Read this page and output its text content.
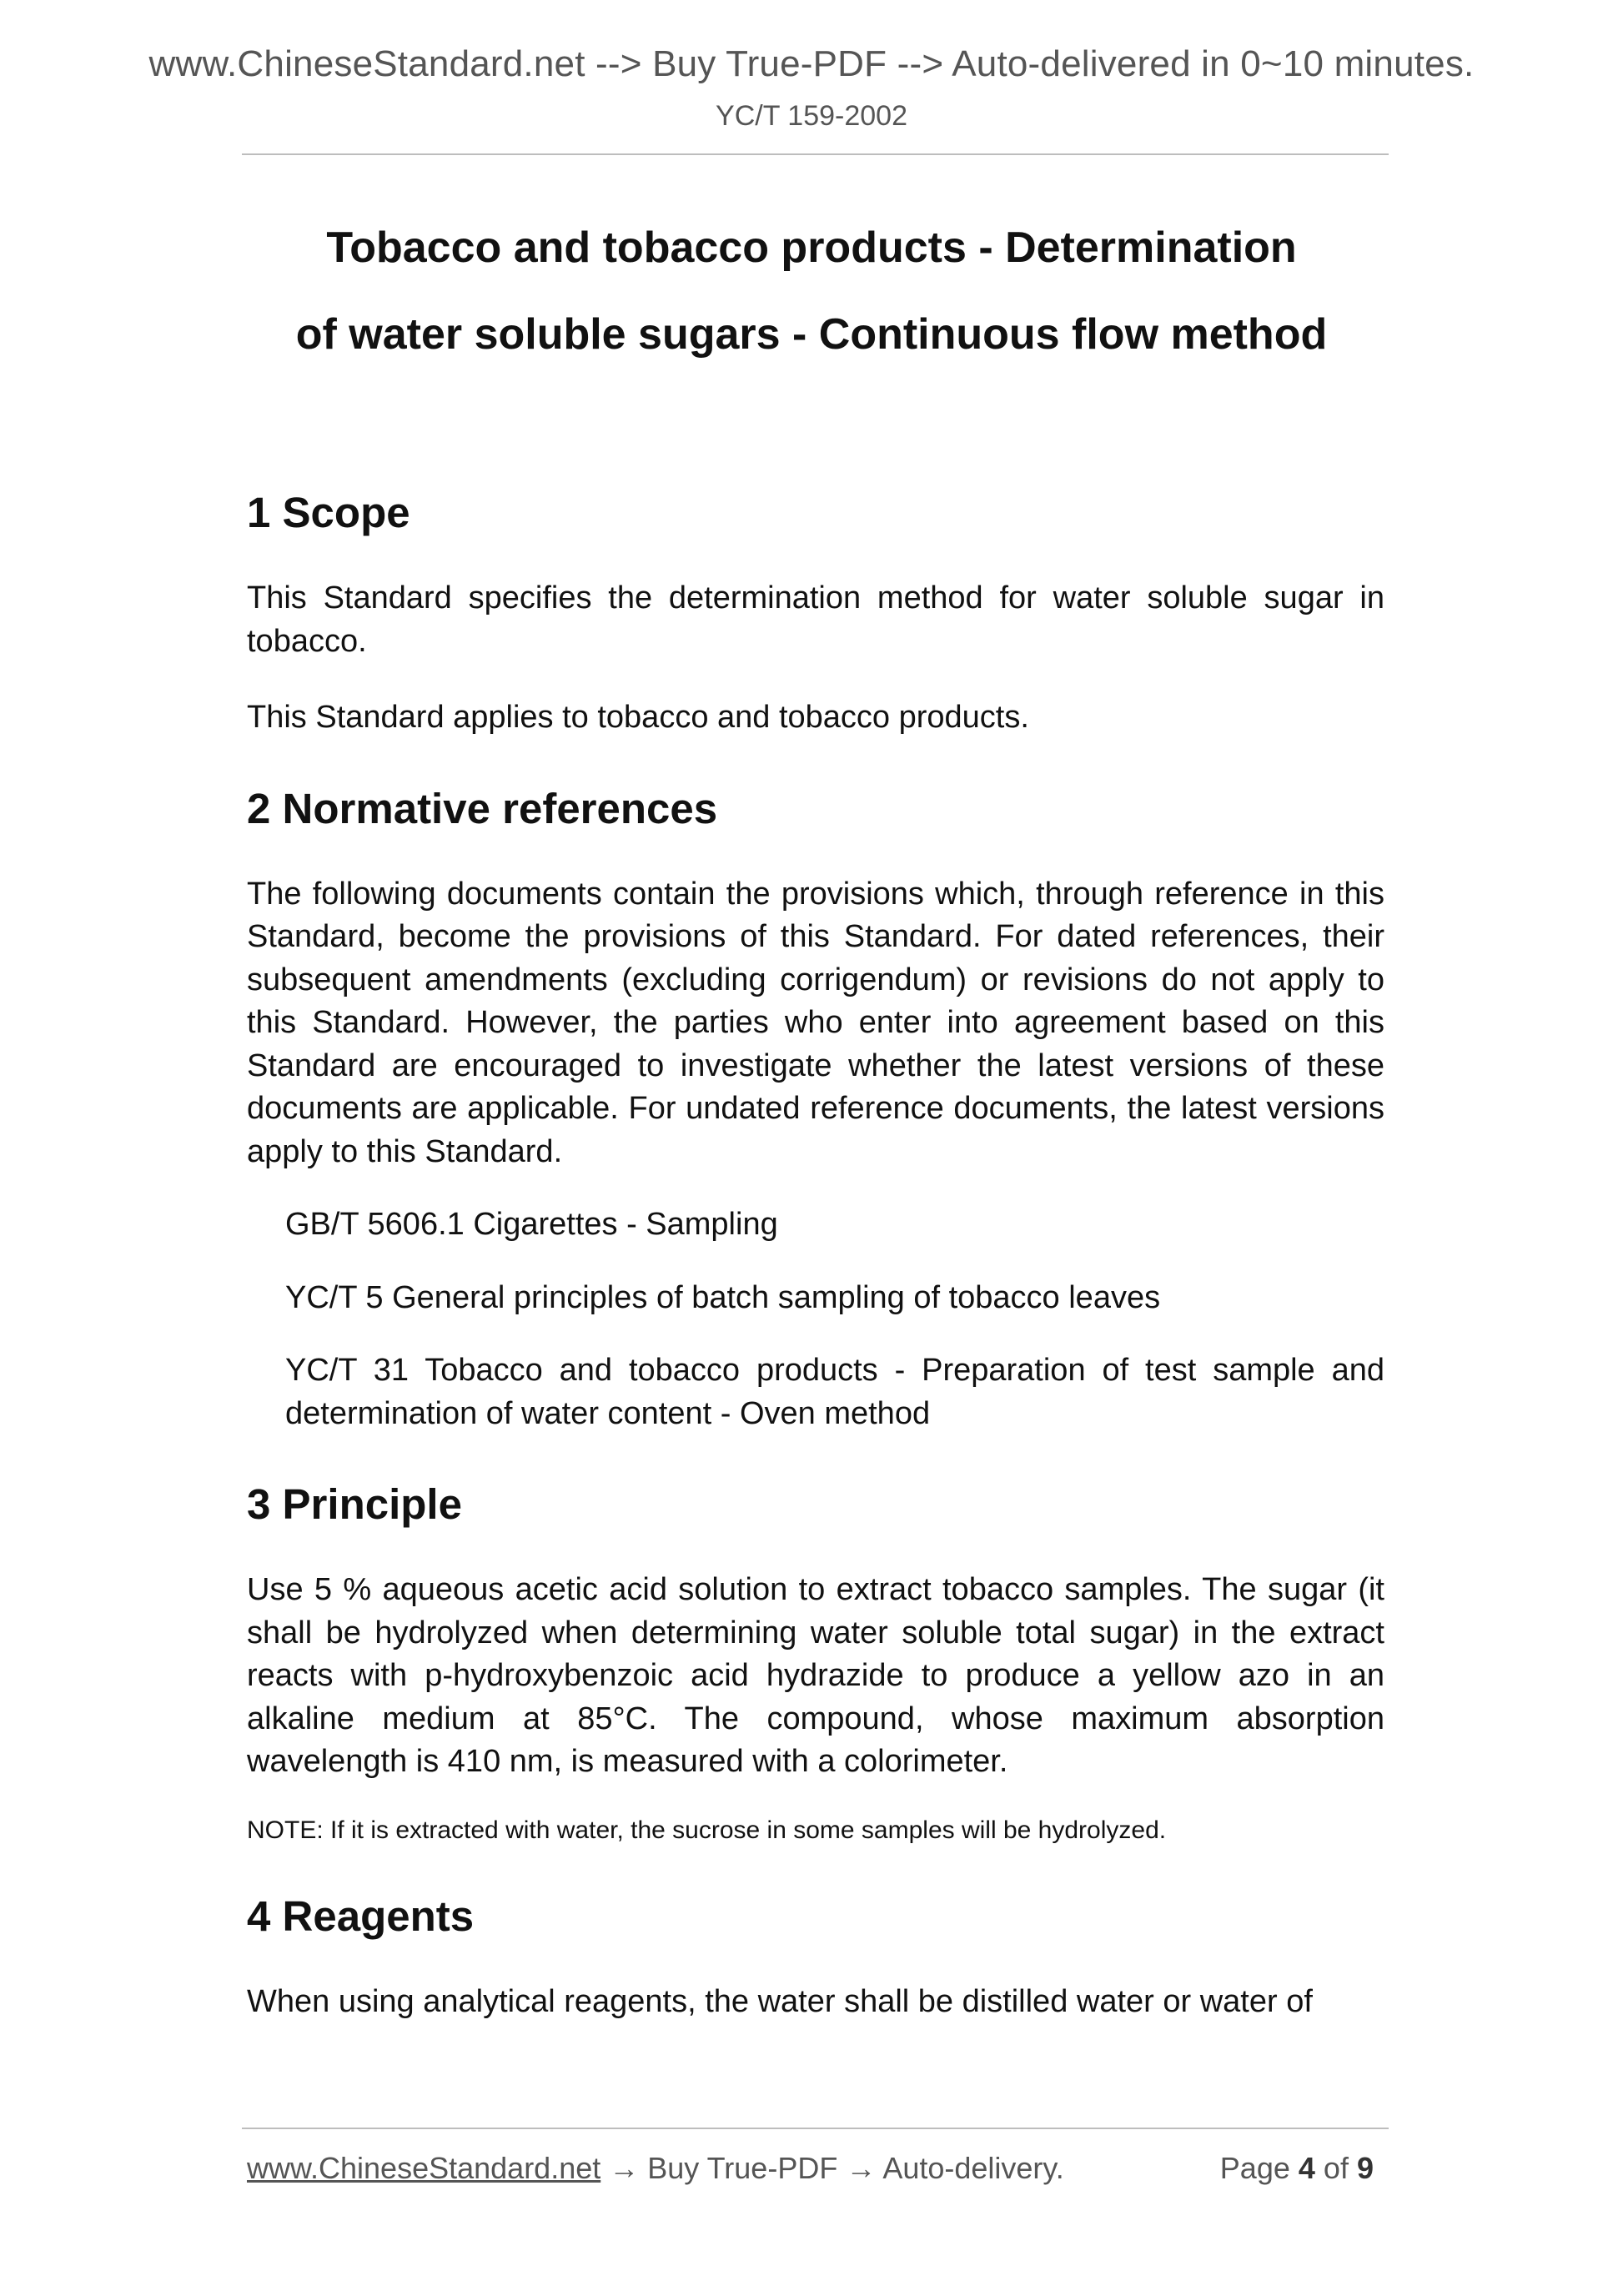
www.ChineseStandard.net --> Buy True-PDF --> Auto-delivered in 0~10 minutes.
YC/T 159-2002
Tobacco and tobacco products - Determination
of water soluble sugars - Continuous flow method
1 Scope

This Standard specifies the determination method for water soluble sugar in tobacco.

This Standard applies to tobacco and tobacco products.

2 Normative references

The following documents contain the provisions which, through reference in this Standard, become the provisions of this Standard. For dated references, their subsequent amendments (excluding corrigendum) or revisions do not apply to this Standard. However, the parties who enter into agreement based on this Standard are encouraged to investigate whether the latest versions of these documents are applicable. For undated reference documents, the latest versions apply to this Standard.

GB/T 5606.1 Cigarettes - Sampling

YC/T 5 General principles of batch sampling of tobacco leaves

YC/T 31 Tobacco and tobacco products - Preparation of test sample and determination of water content - Oven method

3 Principle

Use 5 % aqueous acetic acid solution to extract tobacco samples. The sugar (it shall be hydrolyzed when determining water soluble total sugar) in the extract reacts with p-hydroxybenzoic acid hydrazide to produce a yellow azo in an alkaline medium at 85°C. The compound, whose maximum absorption wavelength is 410 nm, is measured with a colorimeter.

NOTE: If it is extracted with water, the sucrose in some samples will be hydrolyzed.

4 Reagents

When using analytical reagents, the water shall be distilled water or water of

www.ChineseStandard.net → Buy True-PDF → Auto-delivery.	Page 4 of 9
